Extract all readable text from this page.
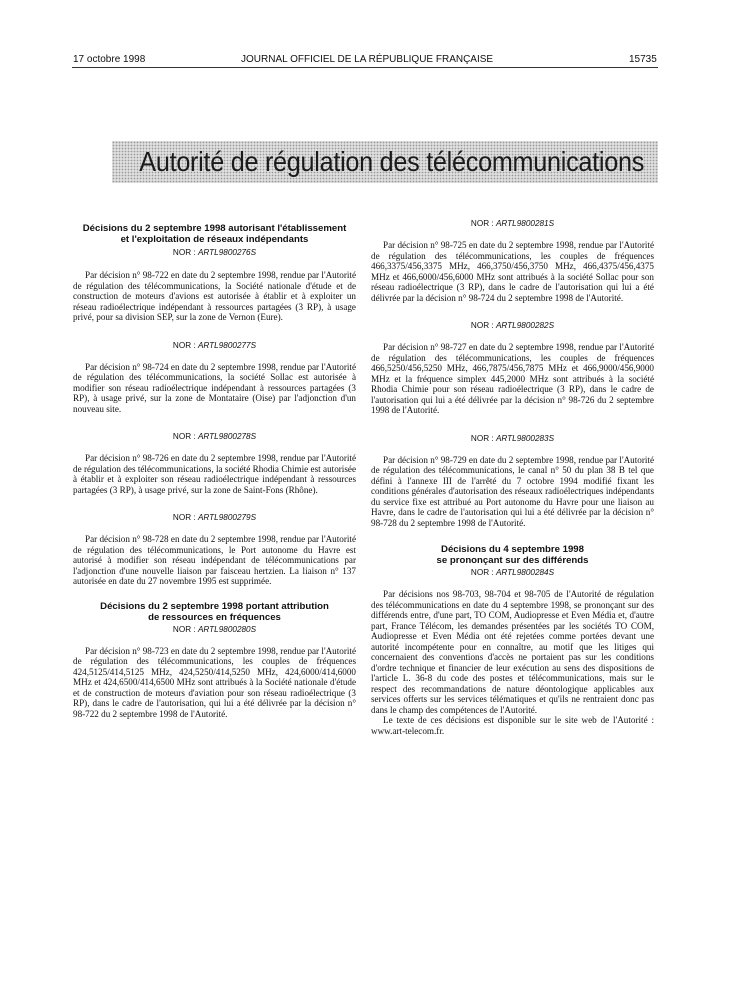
17 octobre 1998	JOURNAL OFFICIEL DE LA RÉPUBLIQUE FRANÇAISE	15735
Autorité de régulation des télécommunications

Décisions du 2 septembre 1998 autorisant l'établissement

et l'exploitation de réseaux indépendants

NOR : ARTL9800276S

Par décision n° 98-722 en date du 2 septembre 1998, rendue par l'Autorité de régulation des télécommunications, la Société nationale d'étude et de construction de moteurs d'avions est autorisée à établir et à exploiter un réseau radioélectrique indépendant à ressources partagées (3 RP), à usage privé, pour sa division SEP, sur la zone de Vernon (Eure).

NOR : ARTL9800277S

Par décision n° 98-724 en date du 2 septembre 1998, rendue par l'Autorité de régulation des télécommunications, la société Sollac est autorisée à modifier son réseau radioélectrique indépendant à ressources partagées (3 RP), à usage privé, sur la zone de Montataire (Oise) par l'adjonction d'un nouveau site.

NOR : ARTL9800278S

Par décision n° 98-726 en date du 2 septembre 1998, rendue par l'Autorité de régulation des télécommunications, la société Rhodia Chimie est autorisée à établir et à exploiter son réseau radioélectrique indépendant à ressources partagées (3 RP), à usage privé, sur la zone de Saint-Fons (Rhône).

NOR : ARTL9800279S

Par décision n° 98-728 en date du 2 septembre 1998, rendue par l'Autorité de régulation des télécommunications, le Port autonome du Havre est autorisé à modifier son réseau indépendant de télécommunications par l'adjonction d'une nouvelle liaison par faisceau hertzien. La liaison n° 137 autorisée en date du 27 novembre 1995 est supprimée.

Décisions du 2 septembre 1998 portant attribution

de ressources en fréquences

NOR : ARTL9800280S

Par décision n° 98-723 en date du 2 septembre 1998, rendue par l'Autorité de régulation des télécommunications, les couples de fréquences 424,5125/414,5125 MHz, 424,5250/414,5250 MHz, 424,6000/414,6000 MHz et 424,6500/414,6500 MHz sont attribués à la Société nationale d'étude et de construction de moteurs d'aviation pour son réseau radioélectrique (3 RP), dans le cadre de l'autorisation, qui lui a été délivrée par la décision n° 98-722 du 2 septembre 1998 de l'Autorité.

NOR : ARTL9800281S

Par décision n° 98-725 en date du 2 septembre 1998, rendue par l'Autorité de régulation des télécommunications, les couples de fréquences 466,3375/456,3375 MHz, 466,3750/456,3750 MHz, 466,4375/456,4375 MHz et 466,6000/456,6000 MHz sont attribués à la société Sollac pour son réseau radioélectrique (3 RP), dans le cadre de l'autorisation qui lui a été délivrée par la décision n° 98-724 du 2 septembre 1998 de l'Autorité.

NOR : ARTL9800282S

Par décision n° 98-727 en date du 2 septembre 1998, rendue par l'Autorité de régulation des télécommunications, les couples de fréquences 466,5250/456,5250 MHz, 466,7875/456,7875 MHz et 466,9000/456,9000 MHz et la fréquence simplex 445,2000 MHz sont attribués à la société Rhodia Chimie pour son réseau radioélectrique (3 RP), dans le cadre de l'autorisation qui lui a été délivrée par la décision n° 98-726 du 2 septembre 1998 de l'Autorité.

NOR : ARTL9800283S

Par décision n° 98-729 en date du 2 septembre 1998, rendue par l'Autorité de régulation des télécommunications, le canal n° 50 du plan 38 B tel que défini à l'annexe III de l'arrêté du 7 octobre 1994 modifié fixant les conditions générales d'autorisation des réseaux radioélectriques indépendants du service fixe est attribué au Port autonome du Havre pour une liaison au Havre, dans le cadre de l'autorisation qui lui a été délivrée par la décision n° 98-728 du 2 septembre 1998 de l'Autorité.

Décisions du 4 septembre 1998

se prononçant sur des différends

NOR : ARTL9800284S

Par décisions nos 98-703, 98-704 et 98-705 de l'Autorité de régulation des télécommunications en date du 4 septembre 1998, se prononçant sur des différends entre, d'une part, TO COM, Audiopresse et Even Média et, d'autre part, France Télécom, les demandes présentées par les sociétés TO COM, Audiopresse et Even Média ont été rejetées comme portées devant une autorité incompétente pour en connaître, au motif que les litiges qui concernaient des conventions d'accès ne portaient pas sur les conditions d'ordre technique et financier de leur exécution au sens des dispositions de l'article L. 36-8 du code des postes et télécommunications, mais sur le respect des recommandations de nature déontologique applicables aux services offerts sur les services télématiques et qu'ils ne rentraient donc pas dans le champ des compétences de l'Autorité.

Le texte de ces décisions est disponible sur le site web de l'Autorité : www.art-telecom.fr.
